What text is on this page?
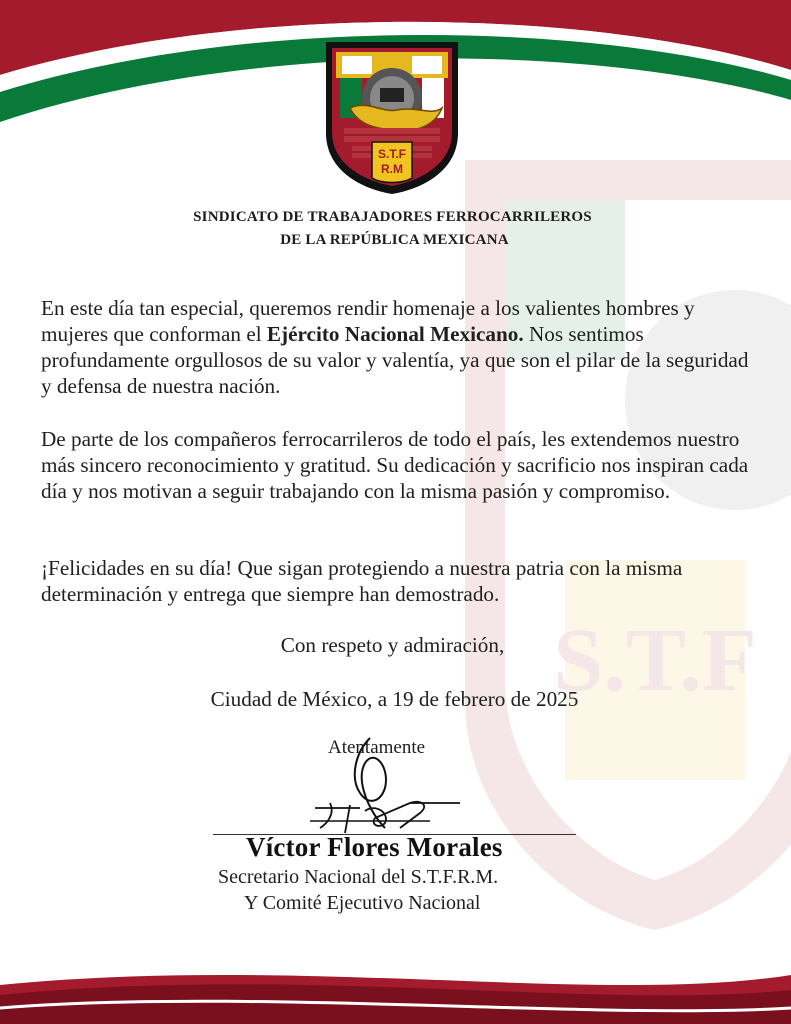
S.T.F
S.T.F
R.M
SINDICATO DE TRABAJADORES FERROCARRILEROS
DE LA REPÚBLICA MEXICANA

En este día tan especial, queremos rendir homenaje a los valientes hombres y mujeres que conforman el Ejército Nacional Mexicano. Nos sentimos profundamente orgullosos de su valor y valentía, ya que son el pilar de la seguridad y defensa de nuestra nación.

De parte de los compañeros ferrocarrileros de todo el país, les extendemos nuestro más sincero reconocimiento y gratitud. Su dedicación y sacrificio nos inspiran cada día y nos motivan a seguir trabajando con la misma pasión y compromiso.

¡Felicidades en su día! Que sigan protegiendo a nuestra patria con la misma determinación y entrega que siempre han demostrado.

Con respeto y admiración,
Ciudad de México, a 19 de febrero de 2025
Atentamente
Víctor Flores Morales
Secretario Nacional del S.T.F.R.M.
Y Comité Ejecutivo Nacional
